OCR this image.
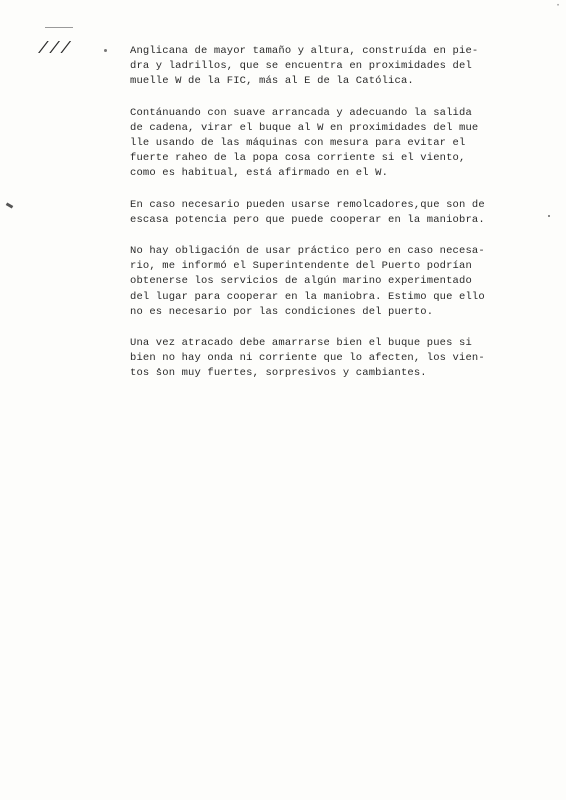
·
///	Anglicana de mayor tamaño y altura, construída en pie-
dra y ladrillos, que se encuentra en proximidades del
muelle W de la FIC, más al E de la Católica.
Contánuando con suave arrancada y adecuando la salida
de cadena, virar el buque al W en proximidades del mue
lle usando de las máquinas con mesura para evitar el
fuerte raheo de la popa cosa corriente si el viento,
como es habitual, está afirmado en el W.
En caso necesario pueden usarse remolcadores,que son de
escasa potencia pero que puede cooperar en la maniobra.
No hay obligación de usar práctico pero en caso necesa-
rio, me informó el Superintendente del Puerto podrían
obtenerse los servicios de algún marino experimentado
del lugar para cooperar en la maniobra. Estimo que ello
no es necesario por las condiciones del puerto.
Una vez atracado debe amarrarse bien el buque pues si
bien no hay onda ni corriente que lo afecten, los vien-
tos son muy fuertes, sorpresivos y cambiantes.
